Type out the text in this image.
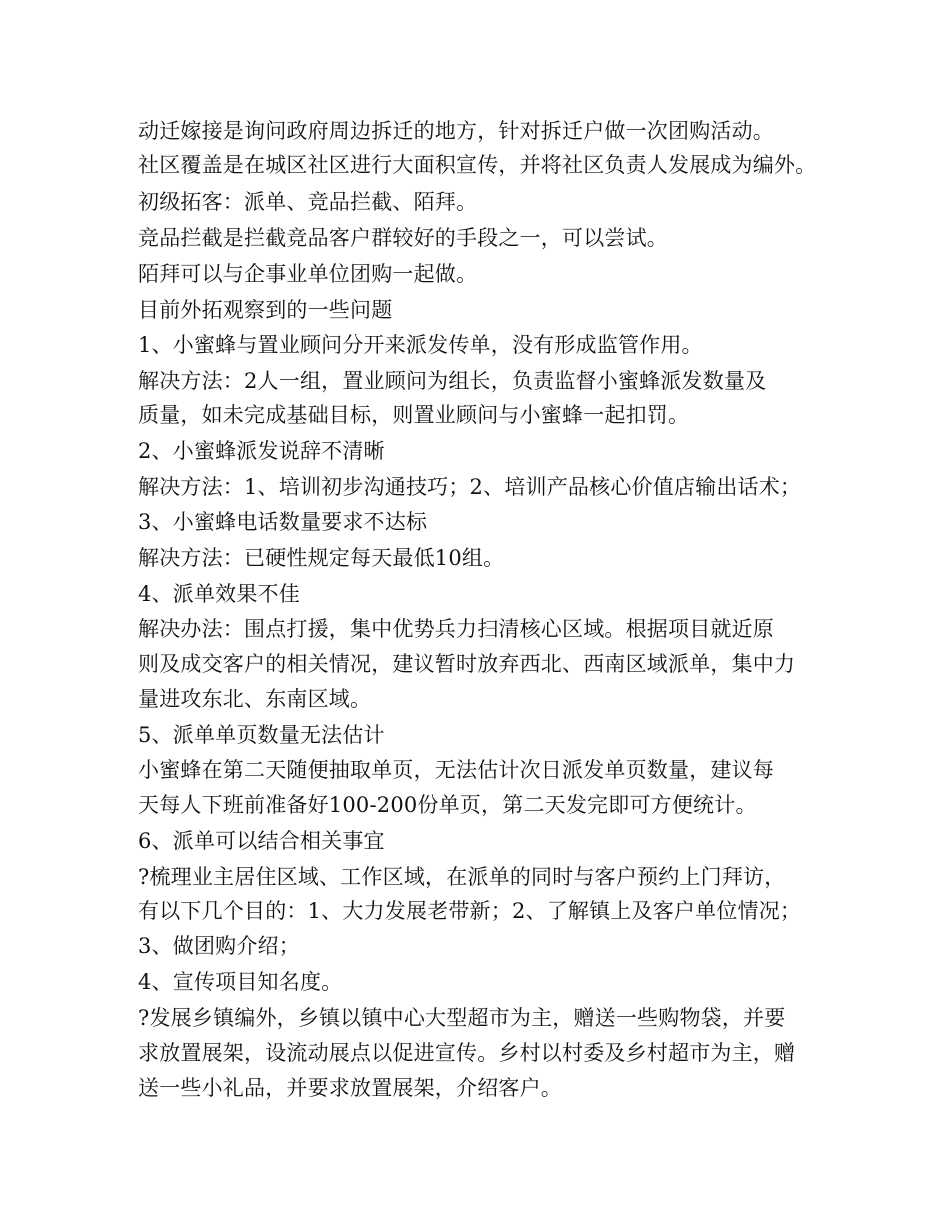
动迁嫁接是询问政府周边拆迁的地方，针对拆迁户做一次团购活动。
社区覆盖是在城区社区进行大面积宣传，并将社区负责人发展成为编外。
初级拓客：派单、竞品拦截、陌拜。
竞品拦截是拦截竞品客户群较好的手段之一，可以尝试。
陌拜可以与企事业单位团购一起做。
目前外拓观察到的一些问题
1、小蜜蜂与置业顾问分开来派发传单，没有形成监管作用。
解决方法：2人一组，置业顾问为组长，负责监督小蜜蜂派发数量及
质量，如未完成基础目标，则置业顾问与小蜜蜂一起扣罚。
2、小蜜蜂派发说辞不清晰
解决方法：1、培训初步沟通技巧；2、培训产品核心价值店输出话术；
3、小蜜蜂电话数量要求不达标
解决方法：已硬性规定每天最低10组。
4、派单效果不佳
解决办法：围点打援，集中优势兵力扫清核心区域。根据项目就近原
则及成交客户的相关情况，建议暂时放弃西北、西南区域派单，集中力
量进攻东北、东南区域。
5、派单单页数量无法估计
小蜜蜂在第二天随便抽取单页，无法估计次日派发单页数量，建议每
天每人下班前准备好100-200份单页，第二天发完即可方便统计。
6、派单可以结合相关事宜
?梳理业主居住区域、工作区域，在派单的同时与客户预约上门拜访，
有以下几个目的：1、大力发展老带新；2、了解镇上及客户单位情况；
3、做团购介绍；
4、宣传项目知名度。
?发展乡镇编外，乡镇以镇中心大型超市为主，赠送一些购物袋，并要
求放置展架，设流动展点以促进宣传。乡村以村委及乡村超市为主，赠
送一些小礼品，并要求放置展架，介绍客户。
